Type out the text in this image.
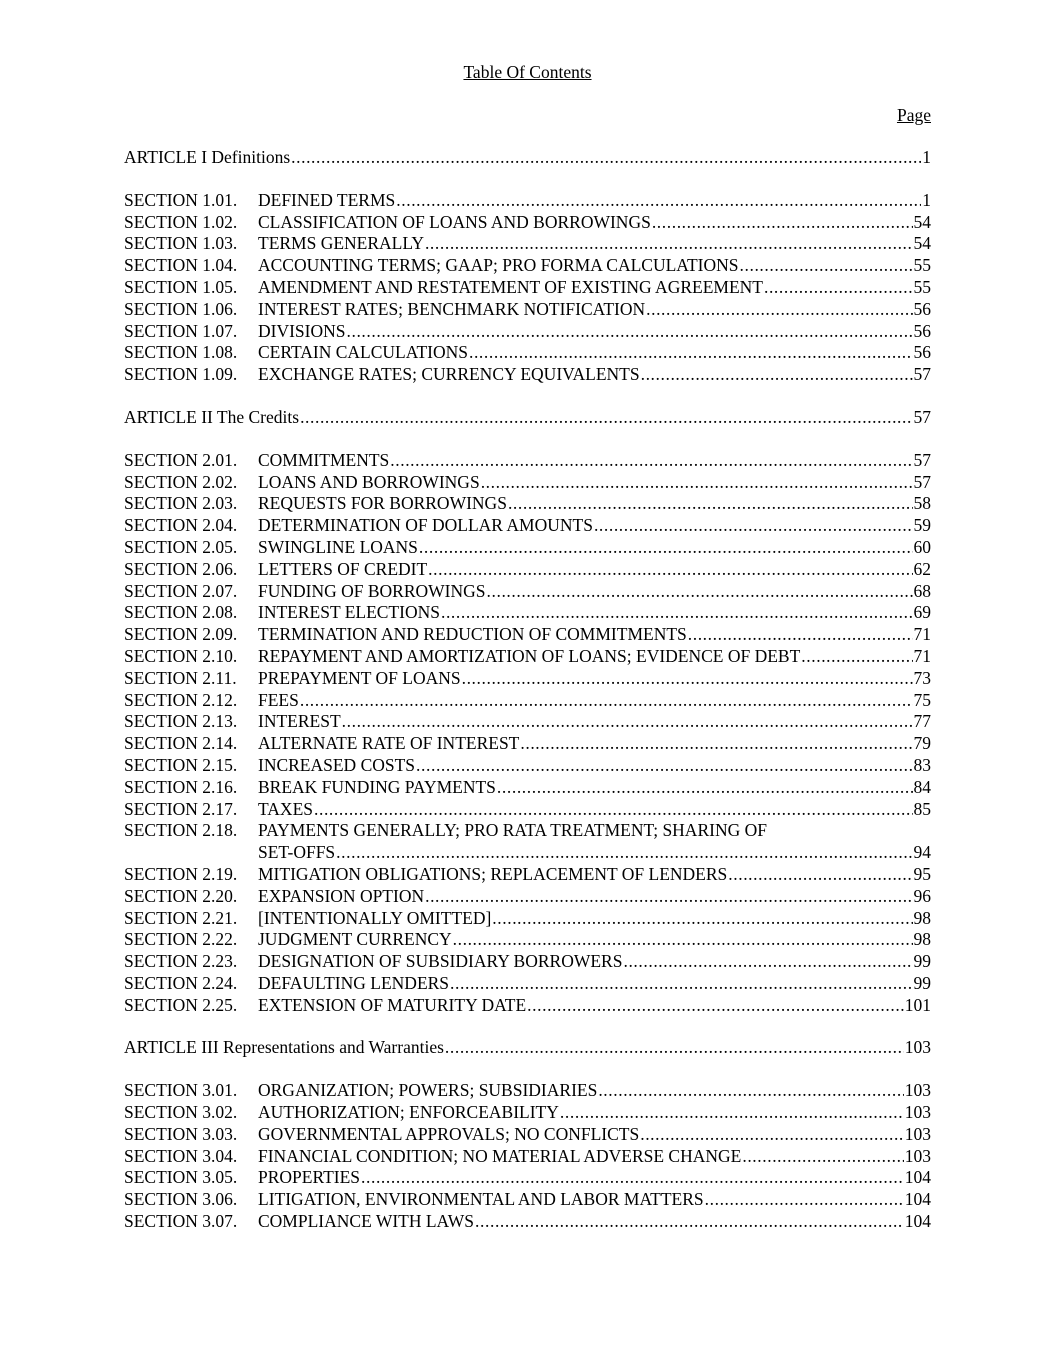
Table Of Contents
Page
ARTICLE I Definitions .....	1
SECTION 1.01.	DEFINED TERMS .....	1
SECTION 1.02.	CLASSIFICATION OF LOANS AND BORROWINGS .....	54
SECTION 1.03.	TERMS GENERALLY .....	54
SECTION 1.04.	ACCOUNTING TERMS; GAAP; PRO FORMA CALCULATIONS .....	55
SECTION 1.05.	AMENDMENT AND RESTATEMENT OF EXISTING AGREEMENT .....	55
SECTION 1.06.	INTEREST RATES; BENCHMARK NOTIFICATION .....	56
SECTION 1.07.	DIVISIONS .....	56
SECTION 1.08.	CERTAIN CALCULATIONS .....	56
SECTION 1.09.	EXCHANGE RATES; CURRENCY EQUIVALENTS .....	57
ARTICLE II The Credits .....	57
SECTION 2.01.	COMMITMENTS .....	57
SECTION 2.02.	LOANS AND BORROWINGS .....	57
SECTION 2.03.	REQUESTS FOR BORROWINGS .....	58
SECTION 2.04.	DETERMINATION OF DOLLAR AMOUNTS .....	59
SECTION 2.05.	SWINGLINE LOANS .....	60
SECTION 2.06.	LETTERS OF CREDIT .....	62
SECTION 2.07.	FUNDING OF BORROWINGS .....	68
SECTION 2.08.	INTEREST ELECTIONS .....	69
SECTION 2.09.	TERMINATION AND REDUCTION OF COMMITMENTS .....	71
SECTION 2.10.	REPAYMENT AND AMORTIZATION OF LOANS; EVIDENCE OF DEBT .....	71
SECTION 2.11.	PREPAYMENT OF LOANS .....	73
SECTION 2.12.	FEES .....	75
SECTION 2.13.	INTEREST .....	77
SECTION 2.14.	ALTERNATE RATE OF INTEREST .....	79
SECTION 2.15.	INCREASED COSTS .....	83
SECTION 2.16.	BREAK FUNDING PAYMENTS .....	84
SECTION 2.17.	TAXES .....	85
SECTION 2.18.	PAYMENTS GENERALLY; PRO RATA TREATMENT; SHARING OF
SET-OFFS .....	94
SECTION 2.19.	MITIGATION OBLIGATIONS; REPLACEMENT OF LENDERS .....	95
SECTION 2.20.	EXPANSION OPTION .....	96
SECTION 2.21.	[INTENTIONALLY OMITTED] .....	98
SECTION 2.22.	JUDGMENT CURRENCY .....	98
SECTION 2.23.	DESIGNATION OF SUBSIDIARY BORROWERS .....	99
SECTION 2.24.	DEFAULTING LENDERS .....	99
SECTION 2.25.	EXTENSION OF MATURITY DATE .....	101
ARTICLE III Representations and Warranties .....	103
SECTION 3.01.	ORGANIZATION; POWERS; SUBSIDIARIES .....	103
SECTION 3.02.	AUTHORIZATION; ENFORCEABILITY .....	103
SECTION 3.03.	GOVERNMENTAL APPROVALS; NO CONFLICTS .....	103
SECTION 3.04.	FINANCIAL CONDITION; NO MATERIAL ADVERSE CHANGE .....	103
SECTION 3.05.	PROPERTIES .....	104
SECTION 3.06.	LITIGATION, ENVIRONMENTAL AND LABOR MATTERS .....	104
SECTION 3.07.	COMPLIANCE WITH LAWS .....	104
